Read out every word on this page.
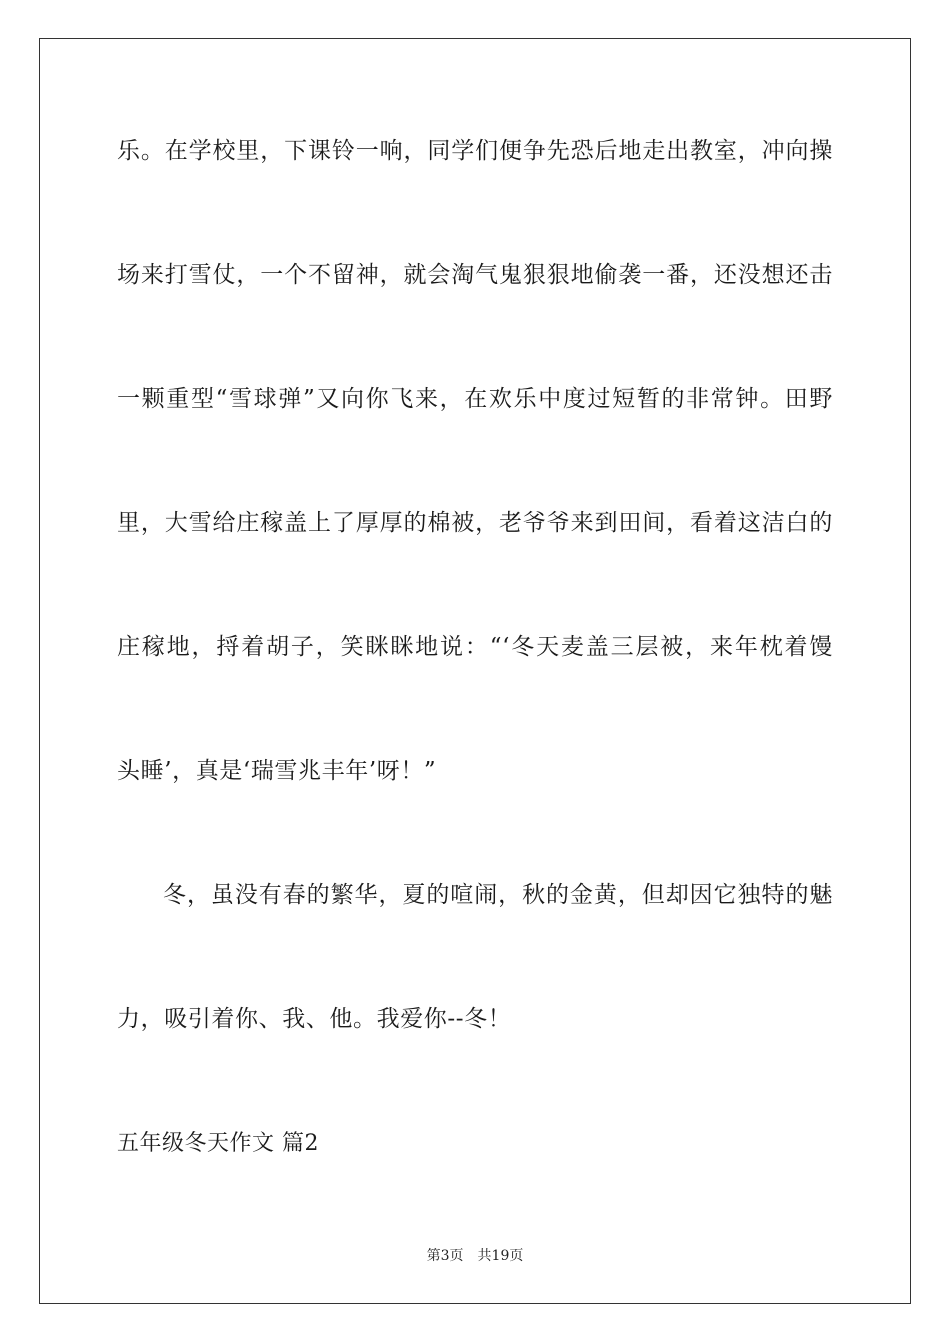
乐。在学校里，下课铃一响，同学们便争先恐后地走出教室，冲向操
场来打雪仗，一个不留神，就会淘气鬼狠狠地偷袭一番，还没想还击
一颗重型“雪球弹”又向你飞来，在欢乐中度过短暂的非常钟。田野
里，大雪给庄稼盖上了厚厚的棉被，老爷爷来到田间，看着这洁白的
庄稼地，捋着胡子，笑眯眯地说：“‘冬天麦盖三层被，来年枕着馒
头睡’，真是‘瑞雪兆丰年’呀！”
冬，虽没有春的繁华，夏的喧闹，秋的金黄，但却因它独特的魅
力，吸引着你、我、他。我爱你--冬！
五年级冬天作文 篇2
第3页 共19页
